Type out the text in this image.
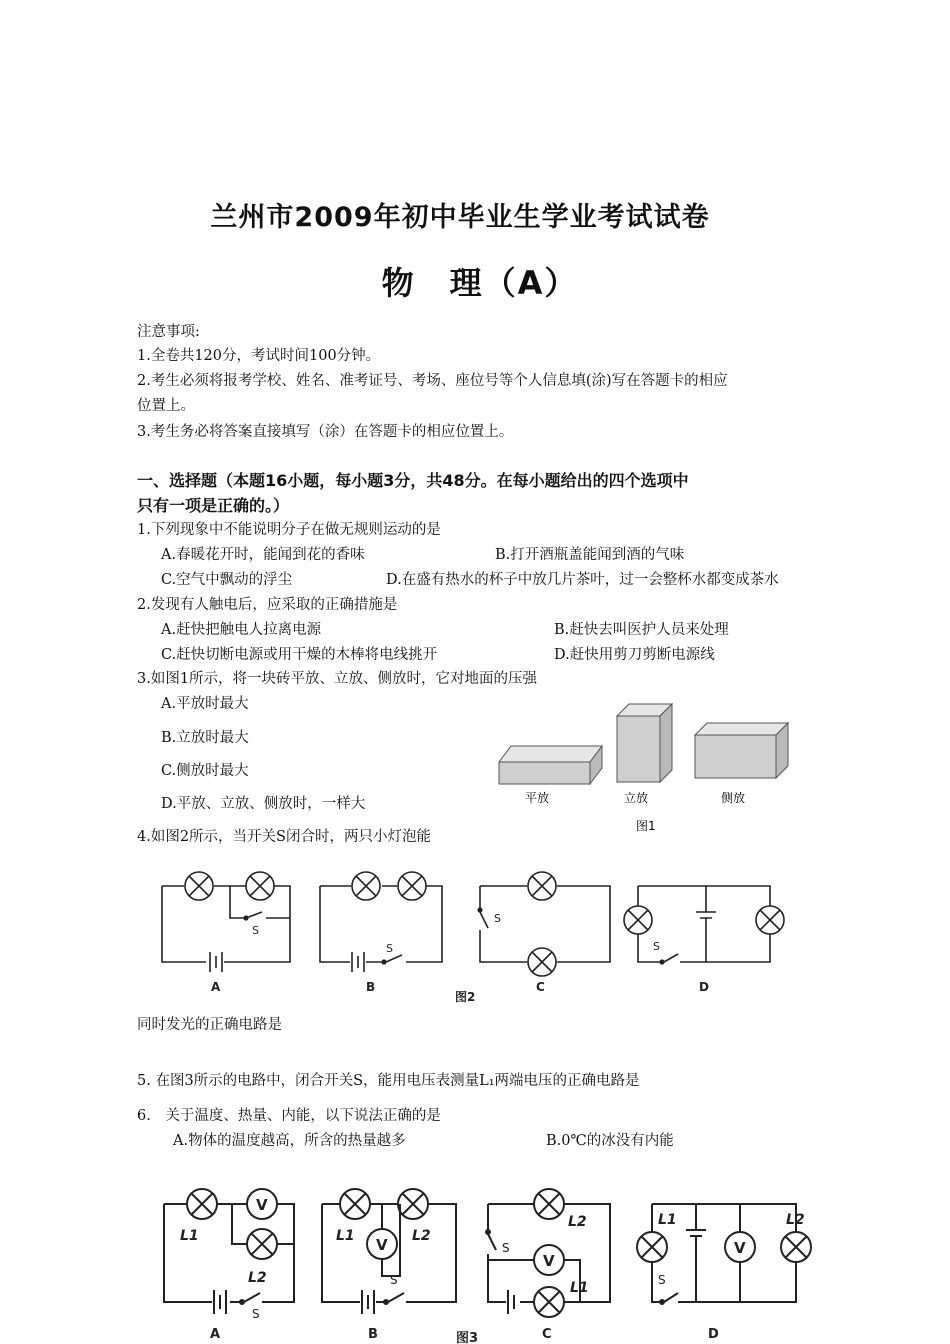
兰州市2009年初中毕业生学业考试试卷
物　理（A）
注意事项:
1.全卷共120分，考试时间100分钟。
2.考生必须将报考学校、姓名、准考证号、考场、座位号等个人信息填(涂)写在答题卡的相应
位置上。
3.考生务必将答案直接填写（涂）在答题卡的相应位置上。
一、选择题（本题16小题，每小题3分，共48分。在每小题给出的四个选项中
只有一项是正确的。）
1.下列现象中不能说明分子在做无规则运动的是
A.春暖花开时，能闻到花的香味	B.打开酒瓶盖能闻到酒的气味
C.空气中飘动的浮尘	D.在盛有热水的杯子中放几片茶叶，过一会整杯水都变成茶水
2.发现有人触电后，应采取的正确措施是
A.赶快把触电人拉离电源	B.赶快去叫医护人员来处理
C.赶快切断电源或用干燥的木棒将电线挑开	D.赶快用剪刀剪断电源线
3.如图1所示，将一块砖平放、立放、侧放时，它对地面的压强
A.平放时最大
B.立放时最大
C.侧放时最大
D.平放、立放、侧放时，一样大	平放	立放	侧放
图1
4.如图2所示，当开关S闭合时，两只小灯泡能
S
A
S
B
S
C
S
D
图2
同时发光的正确电路是
5. 在图3所示的电路中，闭合开关S，能用电压表测量L₁两端电压的正确电路是
6.　关于温度、热量、内能，以下说法正确的是
A.物体的温度越高，所含的热量越多	B.0℃的冰没有内能
V
L1
L2
S
A
V
L1	L2
S
B
V
L2
L1
S
C
V
L1	L2
S
D
图3
